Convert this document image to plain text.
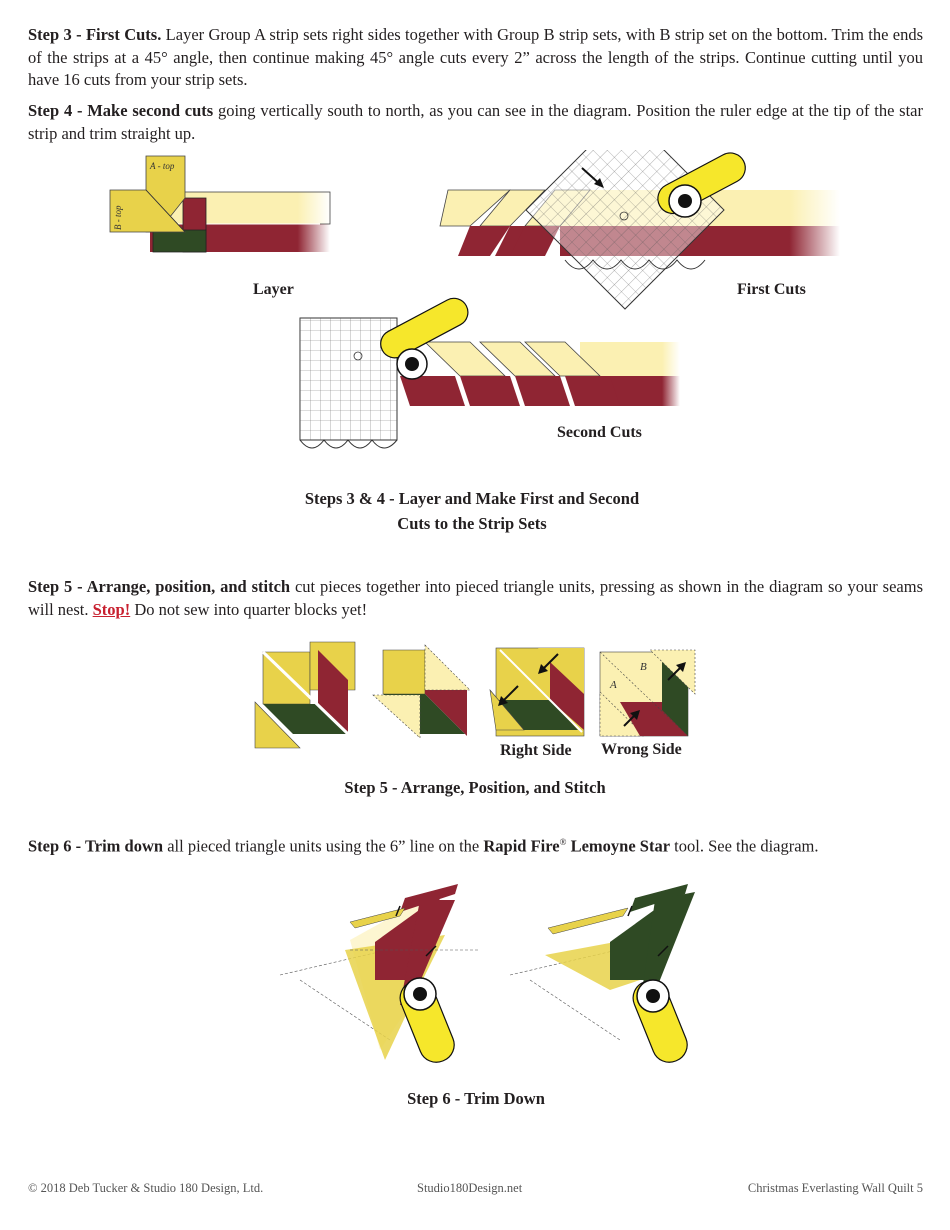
Step 3 - First Cuts. Layer Group A strip sets right sides together with Group B strip sets, with B strip set on the bottom. Trim the ends of the strips at a 45° angle, then continue making 45° angle cuts every 2” across the length of the strips. Continue cutting until you have 16 cuts from your strip sets.

Step 4 - Make second cuts going vertically south to north, as you can see in the diagram. Position the ruler edge at the tip of the star strip and trim straight up.

A - top
B - top
Layer	First Cuts
Second Cuts
Steps 3 & 4 - Layer and Make First and Second
Cuts to the Strip Sets

Step 5 - Arrange, position, and stitch cut pieces together into pieced triangle units, pressing as shown in the diagram so your seams will nest. Stop! Do not sew into quarter blocks yet!

A
B
Right Side Wrong Side
Step 5 - Arrange, Position, and Stitch

Step 6 - Trim down all pieced triangle units using the 6” line on the Rapid Fire® Lemoyne Star tool. See the diagram.

Step 6 - Trim Down
© 2018 Deb Tucker & Studio 180 Design, Ltd.	Studio180Design.net	Christmas Everlasting Wall Quilt 5
